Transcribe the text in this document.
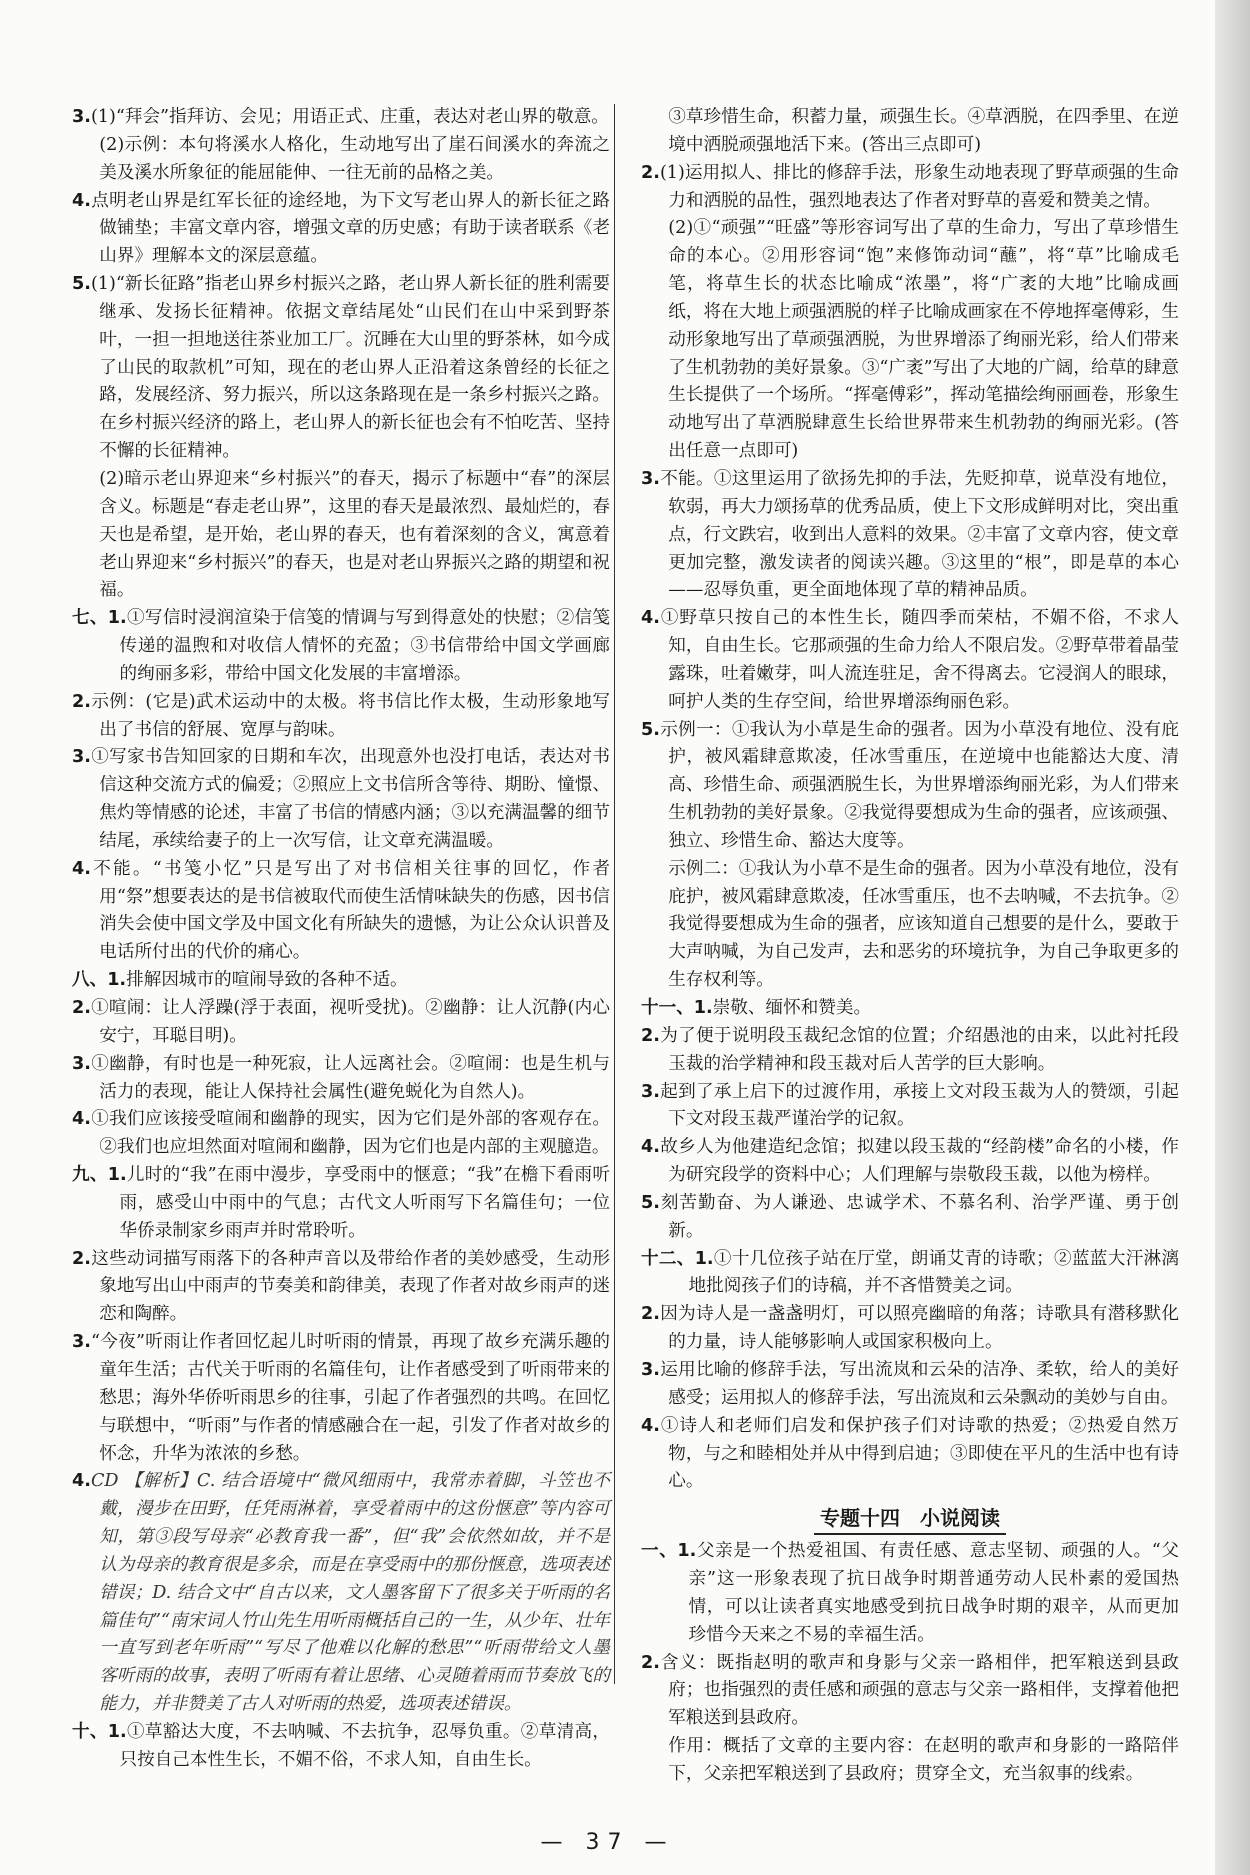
3.(1)“拜会”指拜访、会见；用语正式、庄重，表达对老山界的敬意。

(2)示例：本句将溪水人格化，生动地写出了崖石间溪水的奔流之美及溪水所象征的能屈能伸、一往无前的品格之美。

4.点明老山界是红军长征的途经地，为下文写老山界人的新长征之路做铺垫；丰富文章内容，增强文章的历史感；有助于读者联系《老山界》理解本文的深层意蕴。

5.(1)“新长征路”指老山界乡村振兴之路，老山界人新长征的胜利需要继承、发扬长征精神。依据文章结尾处“山民们在山中采到野茶叶，一担一担地送往茶业加工厂。沉睡在大山里的野茶林，如今成了山民的取款机”可知，现在的老山界人正沿着这条曾经的长征之路，发展经济、努力振兴，所以这条路现在是一条乡村振兴之路。在乡村振兴经济的路上，老山界人的新长征也会有不怕吃苦、坚持不懈的长征精神。

(2)暗示老山界迎来“乡村振兴”的春天，揭示了标题中“春”的深层含义。标题是“春走老山界”，这里的春天是最浓烈、最灿烂的，春天也是希望，是开始，老山界的春天，也有着深刻的含义，寓意着老山界迎来“乡村振兴”的春天，也是对老山界振兴之路的期望和祝福。

七、1.①写信时浸润渲染于信笺的情调与写到得意处的快慰；②信笺传递的温煦和对收信人情怀的充盈；③书信带给中国文学画廊的绚丽多彩，带给中国文化发展的丰富增添。

2.示例：(它是)武术运动中的太极。将书信比作太极，生动形象地写出了书信的舒展、宽厚与韵味。

3.①写家书告知回家的日期和车次，出现意外也没打电话，表达对书信这种交流方式的偏爱；②照应上文书信所含等待、期盼、憧憬、焦灼等情感的论述，丰富了书信的情感内涵；③以充满温馨的细节结尾，承续给妻子的上一次写信，让文章充满温暖。

4.不能。“书笺小忆”只是写出了对书信相关往事的回忆，作者用“祭”想要表达的是书信被取代而使生活情味缺失的伤感，因书信消失会使中国文学及中国文化有所缺失的遗憾，为让公众认识普及电话所付出的代价的痛心。

八、1.排解因城市的喧闹导致的各种不适。

2.①喧闹：让人浮躁(浮于表面，视听受扰)。②幽静：让人沉静(内心安宁，耳聪目明)。

3.①幽静，有时也是一种死寂，让人远离社会。②喧闹：也是生机与活力的表现，能让人保持社会属性(避免蜕化为自然人)。

4.①我们应该接受喧闹和幽静的现实，因为它们是外部的客观存在。②我们也应坦然面对喧闹和幽静，因为它们也是内部的主观臆造。

九、1.儿时的“我”在雨中漫步，享受雨中的惬意；“我”在檐下看雨听雨，感受山中雨中的气息；古代文人听雨写下名篇佳句；一位华侨录制家乡雨声并时常聆听。

2.这些动词描写雨落下的各种声音以及带给作者的美妙感受，生动形象地写出山中雨声的节奏美和韵律美，表现了作者对故乡雨声的迷恋和陶醉。

3.“今夜”听雨让作者回忆起儿时听雨的情景，再现了故乡充满乐趣的童年生活；古代关于听雨的名篇佳句，让作者感受到了听雨带来的愁思；海外华侨听雨思乡的往事，引起了作者强烈的共鸣。在回忆与联想中，“听雨”与作者的情感融合在一起，引发了作者对故乡的怀念，升华为浓浓的乡愁。

4.CD 【解析】C. 结合语境中“微风细雨中，我常赤着脚，斗笠也不戴，漫步在田野，任凭雨淋着，享受着雨中的这份惬意”等内容可知，第③段写母亲“必教育我一番”，但“我”会依然如故，并不是认为母亲的教育很是多余，而是在享受雨中的那份惬意，选项表述错误；D. 结合文中“自古以来，文人墨客留下了很多关于听雨的名篇佳句”“南宋词人竹山先生用听雨概括自己的一生，从少年、壮年一直写到老年听雨”“写尽了他难以化解的愁思”“听雨带给文人墨客听雨的故事，表明了听雨有着让思绪、心灵随着雨而节奏放飞的能力，并非赞美了古人对听雨的热爱，选项表述错误。

十、1.①草豁达大度，不去呐喊、不去抗争，忍辱负重。②草清高，只按自己本性生长，不媚不俗，不求人知，自由生长。

③草珍惜生命，积蓄力量，顽强生长。④草洒脱，在四季里、在逆境中洒脱顽强地活下来。(答出三点即可)

2.(1)运用拟人、排比的修辞手法，形象生动地表现了野草顽强的生命力和洒脱的品性，强烈地表达了作者对野草的喜爱和赞美之情。

(2)①“顽强”“旺盛”等形容词写出了草的生命力，写出了草珍惜生命的本心。②用形容词“饱”来修饰动词“蘸”，将“草”比喻成毛笔，将草生长的状态比喻成“浓墨”，将“广袤的大地”比喻成画纸，将在大地上顽强洒脱的样子比喻成画家在不停地挥毫傅彩，生动形象地写出了草顽强洒脱，为世界增添了绚丽光彩，给人们带来了生机勃勃的美好景象。③“广袤”写出了大地的广阔，给草的肆意生长提供了一个场所。“挥毫傅彩”，挥动笔描绘绚丽画卷，形象生动地写出了草洒脱肆意生长给世界带来生机勃勃的绚丽光彩。(答出任意一点即可)

3.不能。①这里运用了欲扬先抑的手法，先贬抑草，说草没有地位，软弱，再大力颂扬草的优秀品质，使上下文形成鲜明对比，突出重点，行文跌宕，收到出人意料的效果。②丰富了文章内容，使文章更加完整，激发读者的阅读兴趣。③这里的“根”，即是草的本心——忍辱负重，更全面地体现了草的精神品质。

4.①野草只按自己的本性生长，随四季而荣枯，不媚不俗，不求人知，自由生长。它那顽强的生命力给人不限启发。②野草带着晶莹露珠，吐着嫩芽，叫人流连驻足，舍不得离去。它浸润人的眼球，呵护人类的生存空间，给世界增添绚丽色彩。

5.示例一：①我认为小草是生命的强者。因为小草没有地位、没有庇护，被风霜肆意欺凌，任冰雪重压，在逆境中也能豁达大度、清高、珍惜生命、顽强洒脱生长，为世界增添绚丽光彩，为人们带来生机勃勃的美好景象。②我觉得要想成为生命的强者，应该顽强、独立、珍惜生命、豁达大度等。

示例二：①我认为小草不是生命的强者。因为小草没有地位，没有庇护，被风霜肆意欺凌，任冰雪重压，也不去呐喊，不去抗争。②我觉得要想成为生命的强者，应该知道自己想要的是什么，要敢于大声呐喊，为自己发声，去和恶劣的环境抗争，为自己争取更多的生存权利等。

十一、1.崇敬、缅怀和赞美。

2.为了便于说明段玉裁纪念馆的位置；介绍愚池的由来，以此衬托段玉裁的治学精神和段玉裁对后人苦学的巨大影响。

3.起到了承上启下的过渡作用，承接上文对段玉裁为人的赞颂，引起下文对段玉裁严谨治学的记叙。

4.故乡人为他建造纪念馆；拟建以段玉裁的“经韵楼”命名的小楼，作为研究段学的资料中心；人们理解与崇敬段玉裁，以他为榜样。

5.刻苦勤奋、为人谦逊、忠诚学术、不慕名利、治学严谨、勇于创新。

十二、1.①十几位孩子站在厅堂，朗诵艾青的诗歌；②蓝蓝大汗淋漓地批阅孩子们的诗稿，并不吝惜赞美之词。

2.因为诗人是一盏盏明灯，可以照亮幽暗的角落；诗歌具有潜移默化的力量，诗人能够影响人或国家积极向上。

3.运用比喻的修辞手法，写出流岚和云朵的洁净、柔软，给人的美好感受；运用拟人的修辞手法，写出流岚和云朵飘动的美妙与自由。

4.①诗人和老师们启发和保护孩子们对诗歌的热爱；②热爱自然万物，与之和睦相处并从中得到启迪；③即使在平凡的生活中也有诗心。

专题十四　小说阅读

一、1.父亲是一个热爱祖国、有责任感、意志坚韧、顽强的人。“父亲”这一形象表现了抗日战争时期普通劳动人民朴素的爱国热情，可以让读者真实地感受到抗日战争时期的艰辛，从而更加珍惜今天来之不易的幸福生活。

2.含义：既指赵明的歌声和身影与父亲一路相伴，把军粮送到县政府；也指强烈的责任感和顽强的意志与父亲一路相伴，支撑着他把军粮送到县政府。

作用：概括了文章的主要内容：在赵明的歌声和身影的一路陪伴下，父亲把军粮送到了县政府；贯穿全文，充当叙事的线索。

— 37 —
